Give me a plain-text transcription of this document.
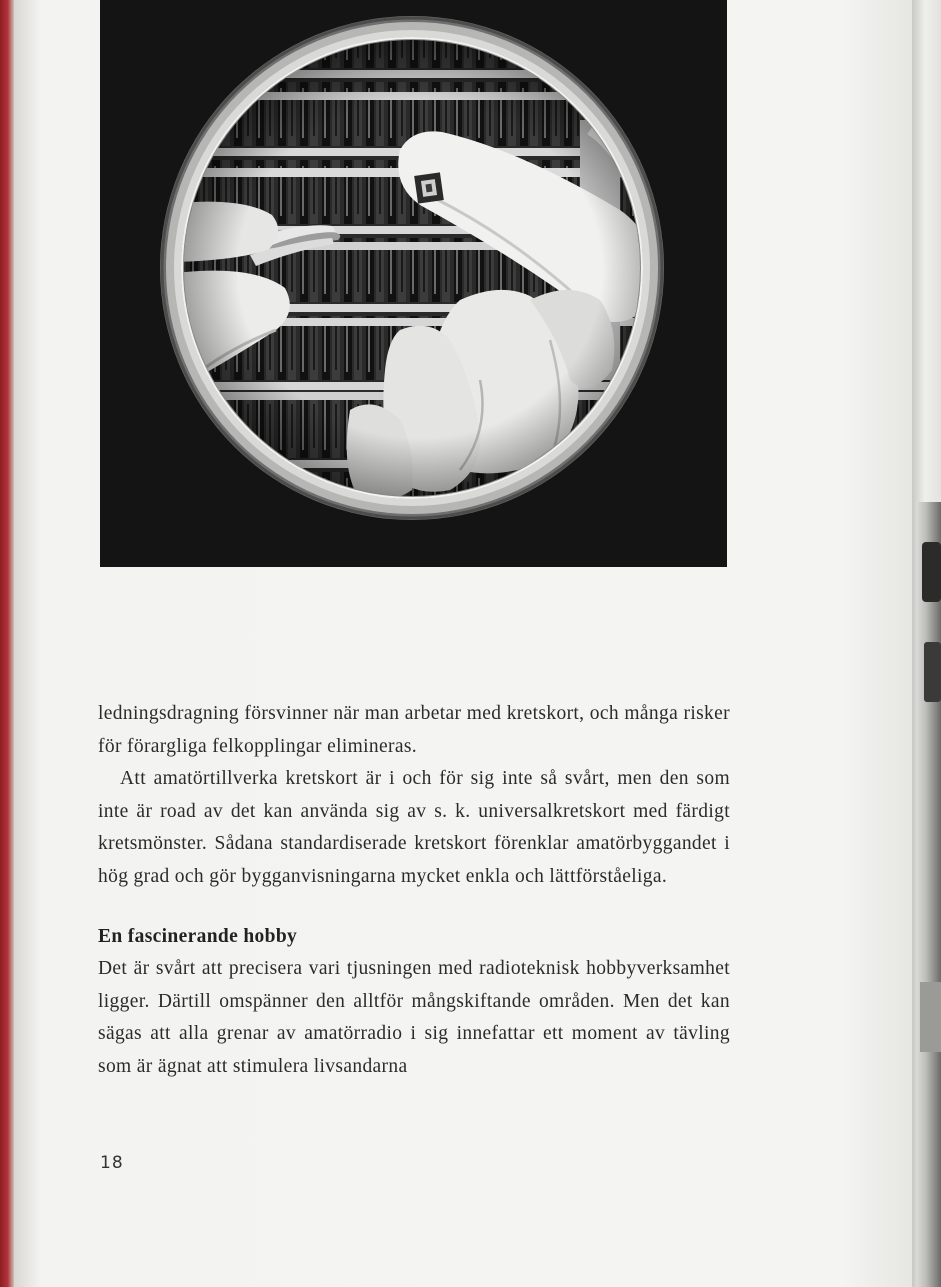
ledningsdragning försvinner när man arbetar med kretskort, och många risker för förargliga felkopplingar elimineras.

Att amatörtillverka kretskort är i och för sig inte så svårt, men den som inte är road av det kan använda sig av s. k. universalkretskort med färdigt kretsmönster. Sådana standardiserade kretskort förenklar amatörbyggandet i hög grad och gör bygganvisningarna mycket enkla och lättförståeliga.

En fascinerande hobby

Det är svårt att precisera vari tjusningen med radioteknisk hobbyverksamhet ligger. Därtill omspänner den alltför mångskiftande områden. Men det kan sägas att alla grenar av amatörradio i sig innefattar ett moment av tävling som är ägnat att stimulera livsandarna

18
